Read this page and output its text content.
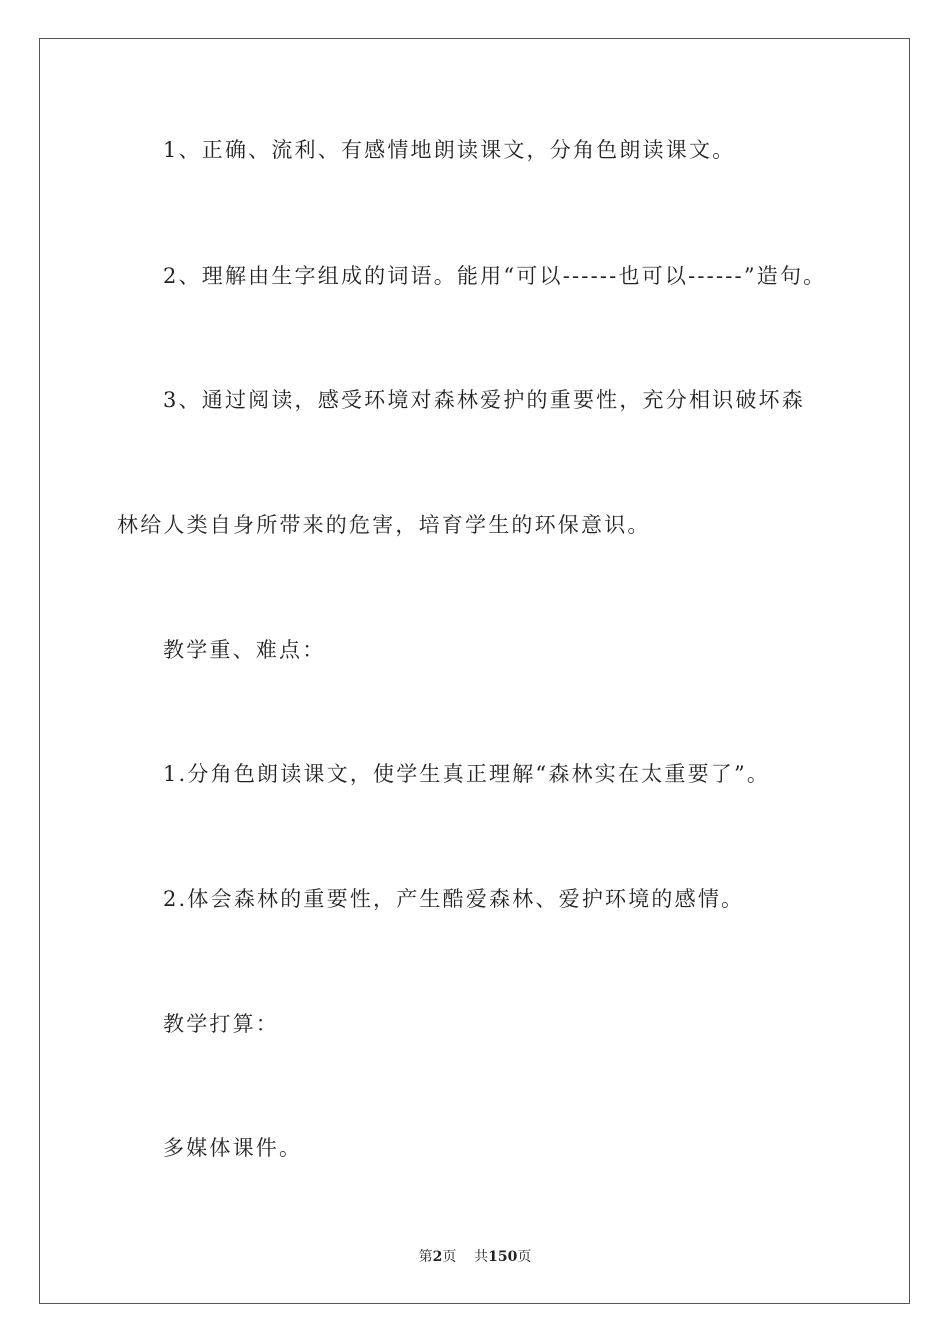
1、正确、流利、有感情地朗读课文，分角色朗读课文。

2、理解由生字组成的词语。能用“可以------也可以------”造句。

3、通过阅读，感受环境对森林爱护的重要性，充分相识破坏森

林给人类自身所带来的危害，培育学生的环保意识。

教学重、难点：

1.分角色朗读课文，使学生真正理解“森林实在太重要了”。

2.体会森林的重要性，产生酷爱森林、爱护环境的感情。

教学打算：

多媒体课件。

第2页 共150页
